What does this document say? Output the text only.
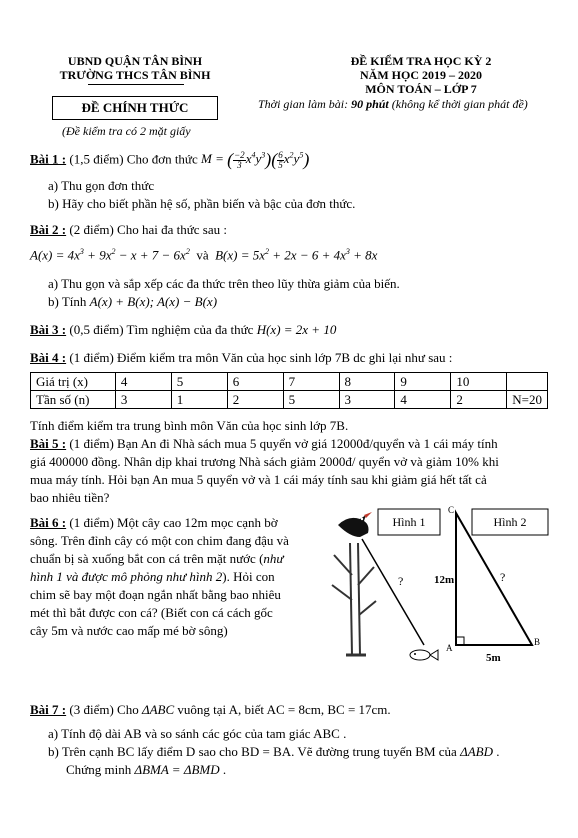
UBND QUẬN TÂN BÌNH
TRƯỜNG THCS TÂN BÌNH
ĐỀ CHÍNH THỨC
(Đề kiểm tra có 2 mặt giấy
ĐỀ KIỂM TRA HỌC KỲ 2
NĂM HỌC 2019 – 2020
MÔN TOÁN – LỚP 7
Thời gian làm bài: 90 phút (không kể thời gian phát đề)
Bài 1 : (1,5 điểm) Cho đơn thức M = ( $\frac{-2}{3} x^4y^3)( \frac{6}{5} x^2y^5)$
a) Thu gọn đơn thức
b) Hãy cho biết phần hệ số, phần biến và bậc của đơn thức.
Bài 2 : (2 điểm) Cho hai đa thức sau :
$A(x) = 4x^3 + 9x^2 - x + 7 - 6x^2$ và  $B(x) = 5x^2 + 2x - 6 + 4x^3 + 8x$
a) Thu gọn và sắp xếp các đa thức trên theo lũy thừa giảm của biến.
b) Tính A(x) + B(x); A(x) − B(x)
Bài 3 : (0,5 điểm) Tìm nghiệm của đa thức H(x) = 2x + 10
Bài 4 : (1 điểm) Điểm kiểm tra môn Văn của học sinh lớp 7B dc ghi lại như sau :
Giá trị (x)	4	5	6	7	8	9	10	
Tần số (n)	3	1	2	5	3	4	2	N=20
Tính điểm kiểm tra trung bình môn Văn của học sinh lớp 7B.
Bài 5 : (1 điểm) Bạn An đi Nhà sách mua 5 quyển vở giá 12000đ/quyển và 1 cái máy tính
giá 400000 đồng. Nhân dịp khai trương Nhà sách giảm 2000đ/ quyển vở và giảm 10% khi
mua máy tính. Hỏi bạn An mua 5 quyển vở và 1 cái máy tính sau khi giảm giá hết tất cả
bao nhiêu tiền?
Bài 6 : (1 điểm) Một cây cao 12m mọc cạnh bờ
sông. Trên đỉnh cây có một con chim đang đậu và
chuẩn bị sà xuống bắt con cá trên mặt nước (như
hình 1 và được mô phỏng như hình 2). Hỏi con
chim sẽ bay một đoạn ngắn nhất bằng bao nhiêu
mét thì bắt được con cá? (Biết con cá cách gốc
cây 5m và nước cao mấp mé bờ sông)
Hình 1
?
Hình 2
C
A
B
12m	?
5m
Bài 7 : (3 điểm) Cho ΔABC vuông tại A, biết AC = 8cm, BC = 17cm.
a) Tính độ dài AB và so sánh các góc của tam giác ABC .
b) Trên cạnh BC lấy điểm D sao cho BD = BA. Vẽ đường trung tuyến BM của ΔABD .
Chứng minh ΔBMA = ΔBMD .
